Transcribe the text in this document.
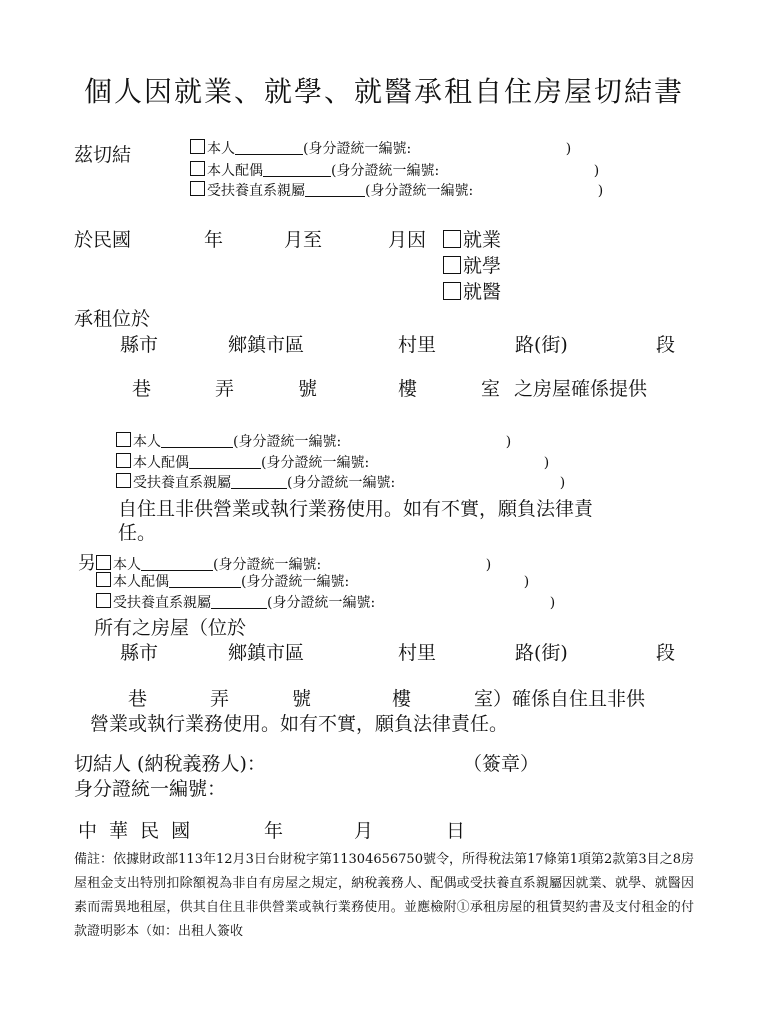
個人因就業、就學、就醫承租自住房屋切結書
茲切結	本人	(身分證統一編號:	)
本人配偶	(身分證統一編號:	)
受扶養直系親屬	(身分證統一編號:	)
於民國	年	月至	月因	就業
就學
就醫
承租位於
縣市	鄉鎮市區	村里	路(街)	段
巷	弄	號	樓	室 之房屋確係提供
本人	(身分證統一編號:	)
本人配偶	(身分證統一編號:	)
受扶養直系親屬	(身分證統一編號:	)
自住且非供營業或執行業務使用。如有不實，願負法律責
任。
另 本人	(身分證統一編號:	)
本人配偶	(身分證統一編號:	)
受扶養直系親屬	(身分證統一編號:	)
所有之房屋（位於
縣市	鄉鎮市區	村里	路(街)	段
巷	弄	號	樓	室）確係自住且非供
營業或執行業務使用。如有不實，願負法律責任。
切結人 (納稅義務人)：	（簽章）
身分證統一編號：
中 華 民 國	年	月	日
備註：依據財政部113年12月3日台財稅字第11304656750號令，所得稅法第17條第1項第2款第3目之8房屋租金支出特別扣除額視為非自有房屋之規定，納稅義務人、配偶或受扶養直系親屬因就業、就學、就醫因素而需異地租屋，供其自住且非供營業或執行業務使用。並應檢附①承租房屋的租賃契約書及支付租金的付款證明影本（如：出租人簽收
